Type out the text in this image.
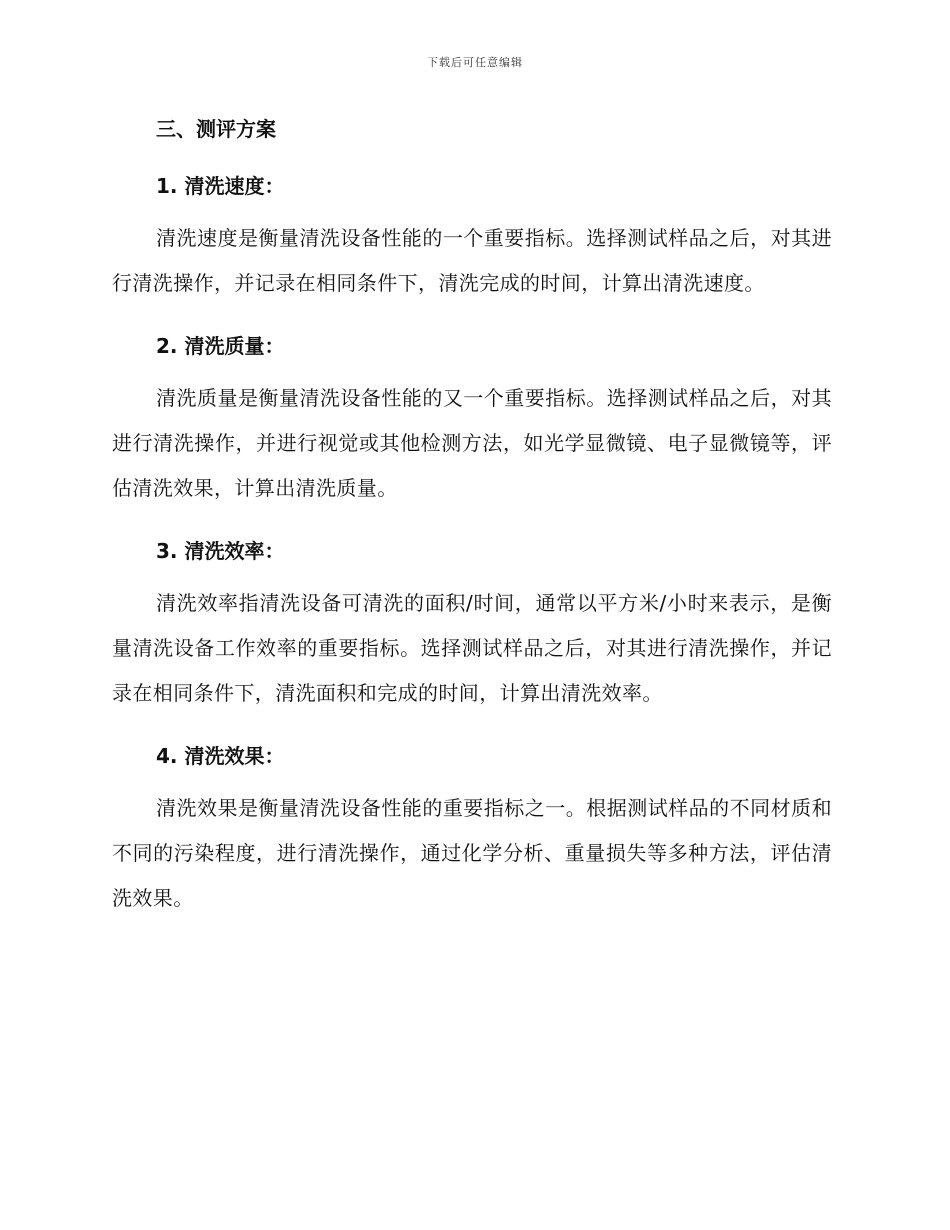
下载后可任意编辑
三、测评方案
1. 清洗速度：

清洗速度是衡量清洗设备性能的一个重要指标。选择测试样品之后，对其进行清洗操作，并记录在相同条件下，清洗完成的时间，计算出清洗速度。

2. 清洗质量：

清洗质量是衡量清洗设备性能的又一个重要指标。选择测试样品之后，对其进行清洗操作，并进行视觉或其他检测方法，如光学显微镜、电子显微镜等，评估清洗效果，计算出清洗质量。

3. 清洗效率：

清洗效率指清洗设备可清洗的面积/时间，通常以平方米/小时来表示，是衡量清洗设备工作效率的重要指标。选择测试样品之后，对其进行清洗操作，并记录在相同条件下，清洗面积和完成的时间，计算出清洗效率。

4. 清洗效果：

清洗效果是衡量清洗设备性能的重要指标之一。根据测试样品的不同材质和不同的污染程度，进行清洗操作，通过化学分析、重量损失等多种方法，评估清洗效果。
